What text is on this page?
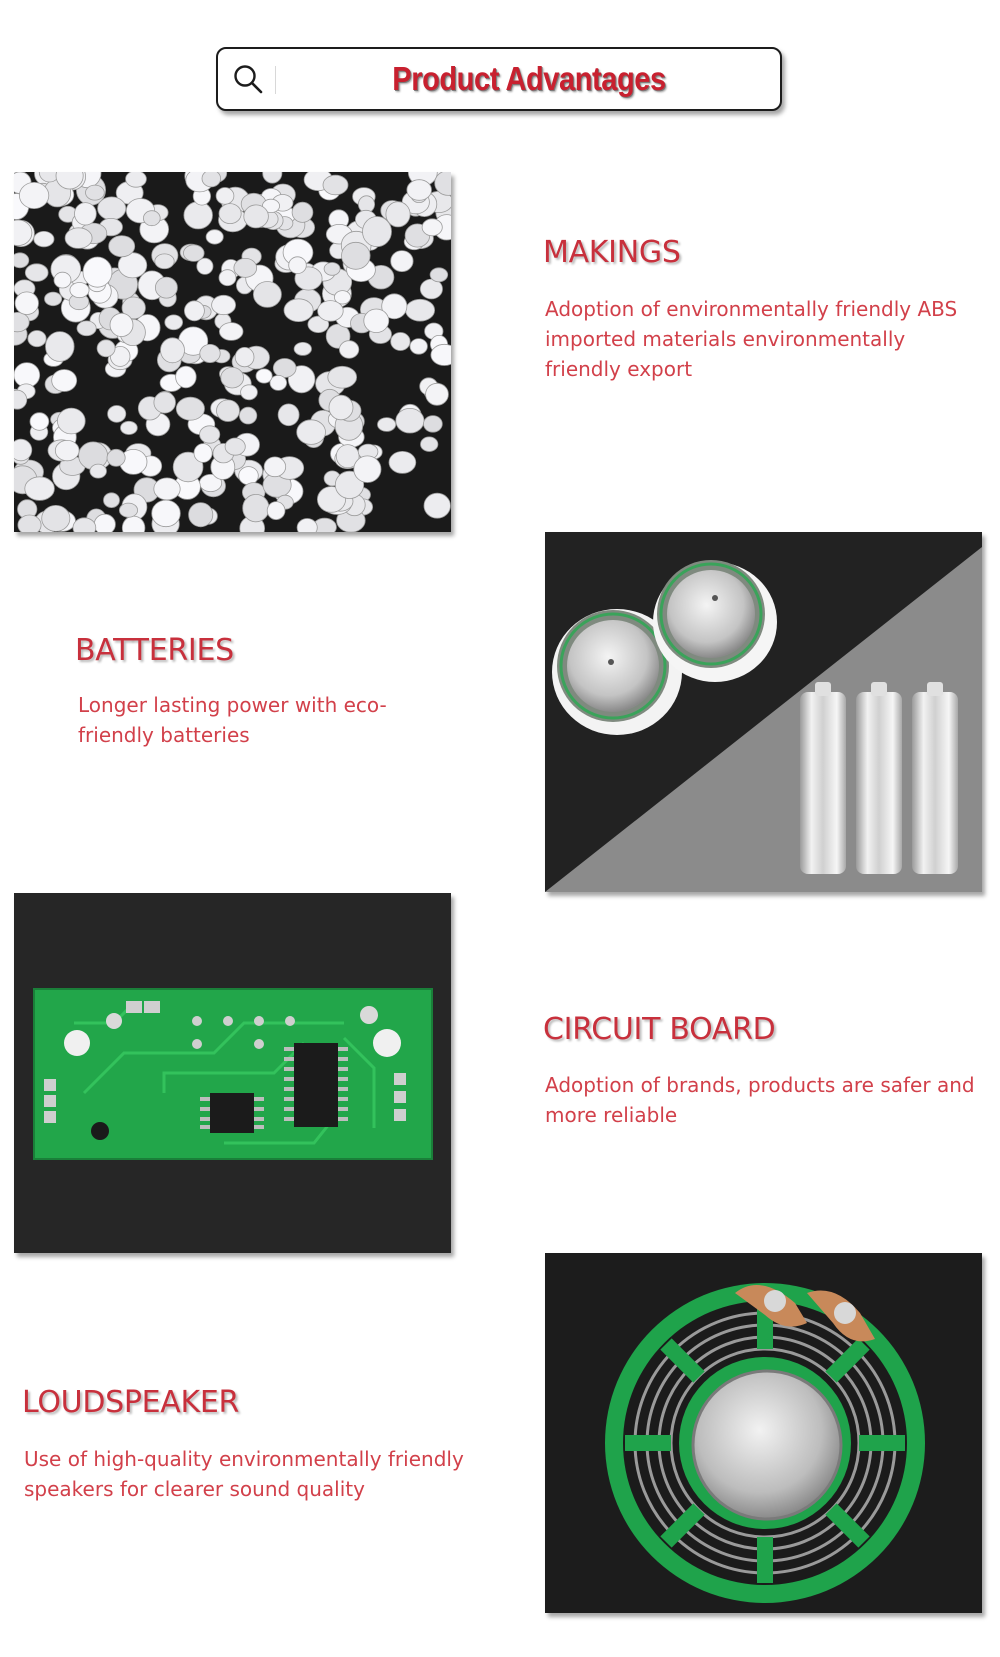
Product Advantages
MAKINGS
Adoption of environmentally friendly ABS imported materials environmentally friendly export
BATTERIES
Longer lasting power with eco-friendly batteries
CIRCUIT BOARD
Adoption of brands, products are safer and more reliable
LOUDSPEAKER
Use of high-quality environmentally friendly speakers for clearer sound quality
